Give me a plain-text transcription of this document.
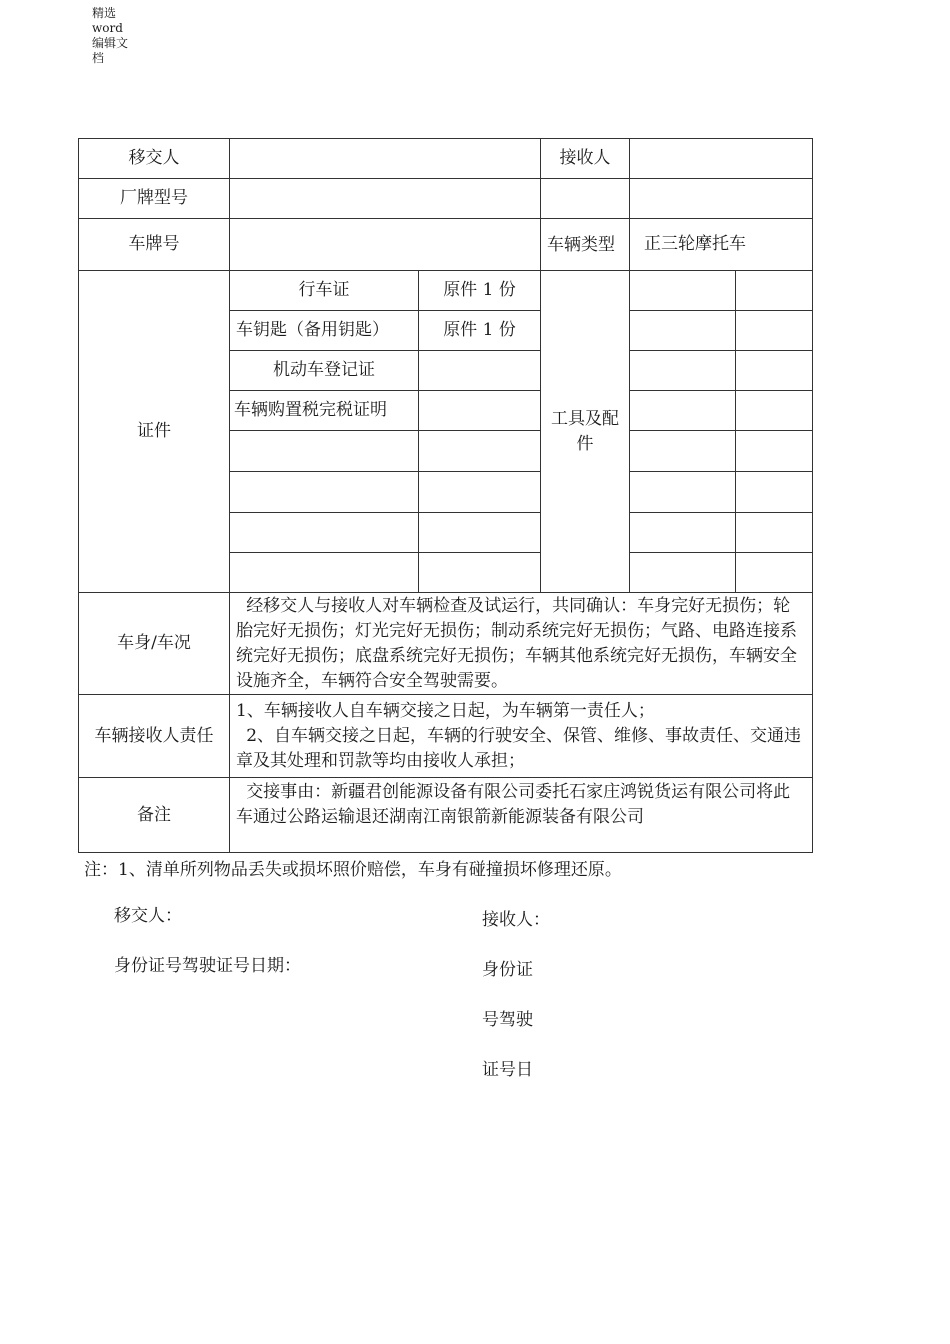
精选
word
编辑文
档
移交人			接收人		
厂牌型号					
车牌号			车辆类型	正三轮摩托车	
证件	行车证	原件 1 份	工具及配件		

	车钥匙（备用钥匙）	原件 1 份			
	机动车登记证				
	车辆购置税完税证明				

车身/车况	经移交人与接收人对车辆检查及试运行，共同确认：车身完好无损伤；轮胎完好无损伤；灯光完好无损伤；制动系统完好无损伤；气路、电路连接系统完好无损伤；底盘系统完好无损伤；车辆其他系统完好无损伤，车辆安全设施齐全，车辆符合安全驾驶需要。				
车辆接收人责任	1、车辆接收人自车辆交接之日起，为车辆第一责任人；
2、自车辆交接之日起，车辆的行驶安全、保管、维修、事故责任、交通违章及其处理和罚款等均由接收人承担；				

备注	交接事由：新疆君创能源设备有限公司委托石家庄鸿锐货运有限公司将此车通过公路运输退还湖南江南银箭新能源装备有限公司				
注：1、清单所列物品丢失或损坏照价赔偿，车身有碰撞损坏修理还原。
移交人：
身份证号驾驶证号日期：
接收人：
身份证
号驾驶
证号日
